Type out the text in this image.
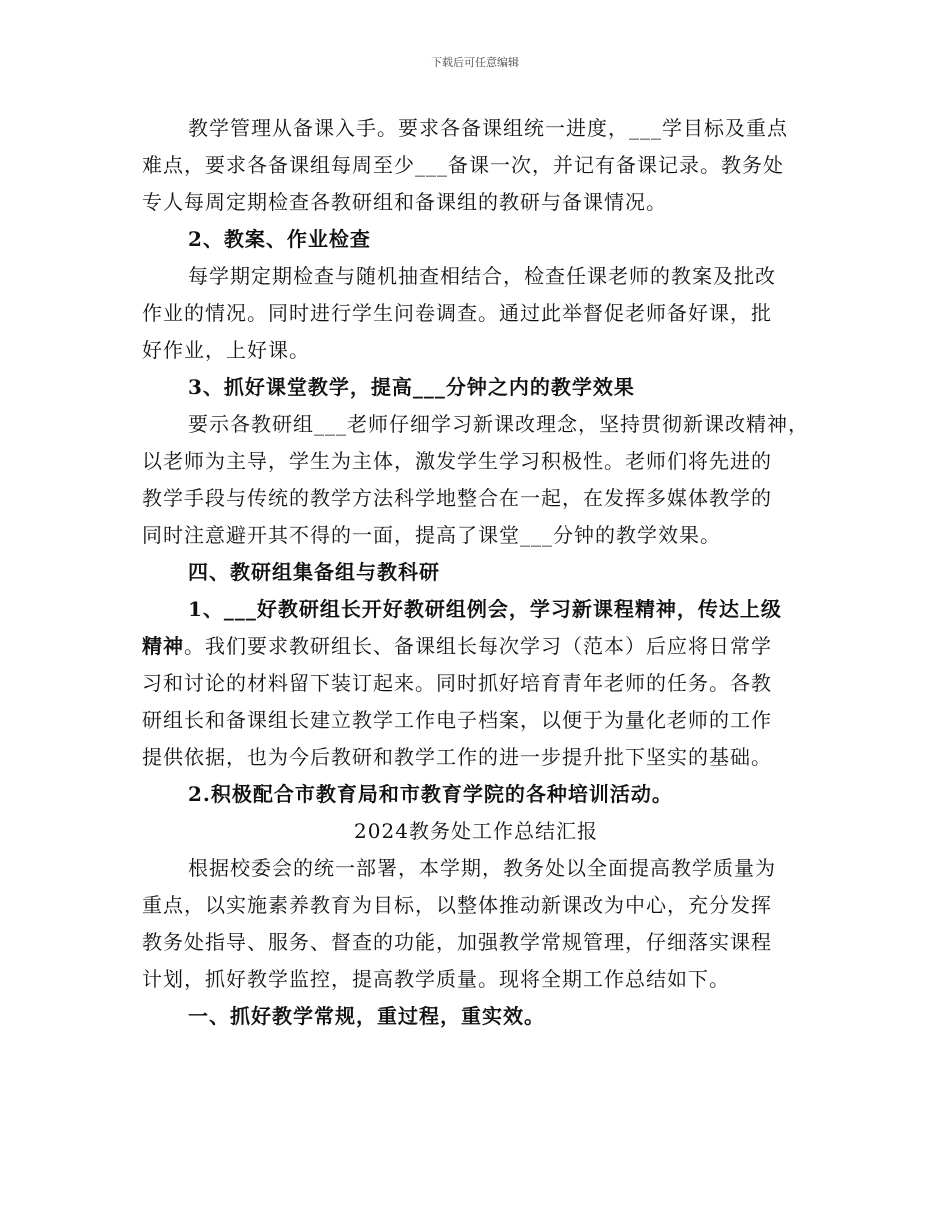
下载后可任意编辑

教学管理从备课入手。要求各备课组统一进度，___学目标及重点

难点，要求各备课组每周至少___备课一次，并记有备课记录。教务处

专人每周定期检查各教研组和备课组的教研与备课情况。

2、教案、作业检查

每学期定期检查与随机抽查相结合，检查任课老师的教案及批改

作业的情况。同时进行学生问卷调查。通过此举督促老师备好课，批

好作业，上好课。

3、抓好课堂教学，提高___分钟之内的教学效果

要示各教研组___老师仔细学习新课改理念，坚持贯彻新课改精神，

以老师为主导，学生为主体，激发学生学习积极性。老师们将先进的

教学手段与传统的教学方法科学地整合在一起，在发挥多媒体教学的

同时注意避开其不得的一面，提高了课堂___分钟的教学效果。

四、教研组集备组与教科研

1、___好教研组长开好教研组例会，学习新课程精神，传达上级

精神。我们要求教研组长、备课组长每次学习（范本）后应将日常学

习和讨论的材料留下装订起来。同时抓好培育青年老师的任务。各教

研组长和备课组长建立教学工作电子档案，以便于为量化老师的工作

提供依据，也为今后教研和教学工作的进一步提升批下坚实的基础。

2.积极配合市教育局和市教育学院的各种培训活动。

2024教务处工作总结汇报

根据校委会的统一部署，本学期，教务处以全面提高教学质量为

重点，以实施素养教育为目标，以整体推动新课改为中心，充分发挥

教务处指导、服务、督查的功能，加强教学常规管理，仔细落实课程

计划，抓好教学监控，提高教学质量。现将全期工作总结如下。

一、抓好教学常规，重过程，重实效。
